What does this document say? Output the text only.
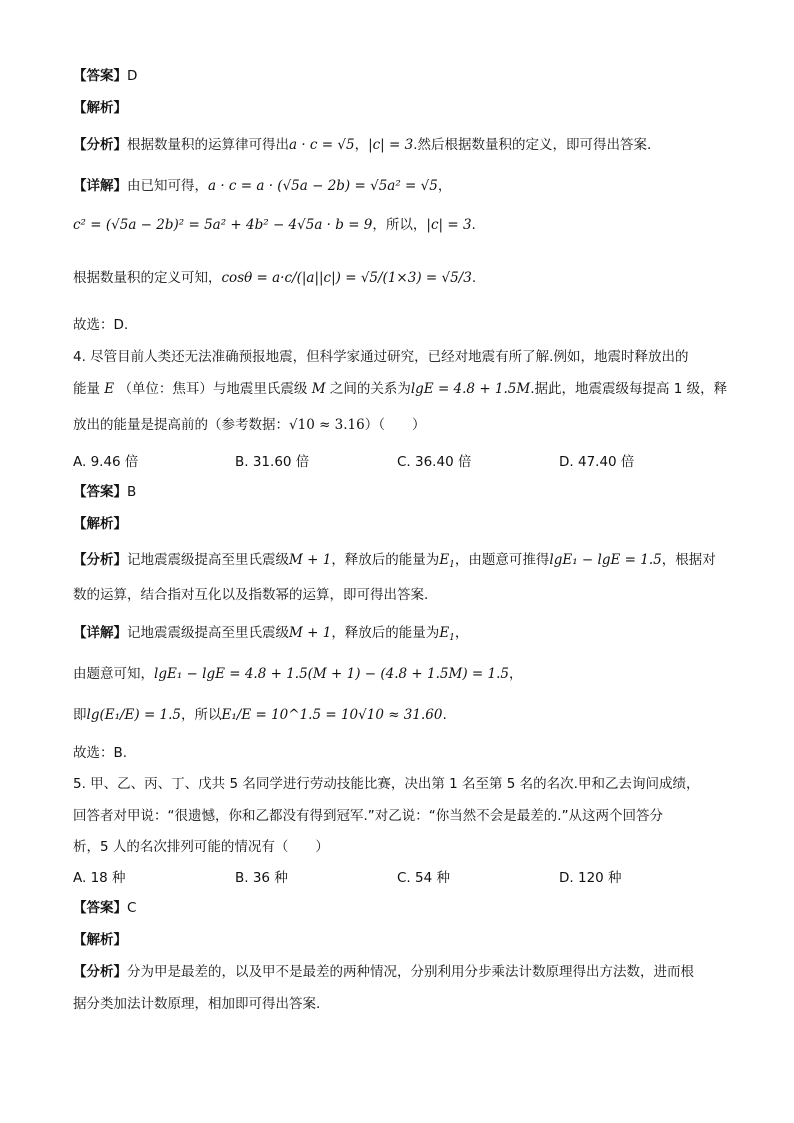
【答案】D
【解析】
【分析】根据数量积的运算律可得出a · c = √5，|c| = 3.然后根据数量积的定义，即可得出答案.
【详解】由已知可得，a · c = a · (√5a − 2b) = √5a² = √5，
c² = (√5a − 2b)² = 5a² + 4b² − 4√5a · b = 9，所以，|c| = 3.
根据数量积的定义可知，cosθ = a·c/(|a||c|) = √5/(1×3) = √5/3.
故选：D.
4. 尽管目前人类还无法准确预报地震，但科学家通过研究，已经对地震有所了解.例如，地震时释放出的
能量 E （单位：焦耳）与地震里氏震级 M 之间的关系为lgE = 4.8 + 1.5M.据此，地震震级每提高 1 级，释
放出的能量是提高前的（参考数据：√10 ≈ 3.16）（　　）
A. 9.46 倍	B. 31.60 倍	C. 36.40 倍	D. 47.40 倍
【答案】B
【解析】
【分析】记地震震级提高至里氏震级M + 1，释放后的能量为$E_1$，由题意可推得lgE₁ − lgE = 1.5，根据对
数的运算，结合指对互化以及指数幂的运算，即可得出答案.
【详解】记地震震级提高至里氏震级M + 1，释放后的能量为$E_1$，
由题意可知，lgE₁ − lgE = 4.8 + 1.5(M + 1) − (4.8 + 1.5M) = 1.5，
即lg(E₁/E) = 1.5，所以E₁/E = 10^1.5 = 10√10 ≈ 31.60.
故选：B.
5. 甲、乙、丙、丁、戊共 5 名同学进行劳动技能比赛，决出第 1 名至第 5 名的名次.甲和乙去询问成绩，
回答者对甲说：“很遗憾，你和乙都没有得到冠军.”对乙说：“你当然不会是最差的.”从这两个回答分
析，5 人的名次排列可能的情况有（　　）
A. 18 种	B. 36 种	C. 54 种	D. 120 种
【答案】C
【解析】
【分析】分为甲是最差的，以及甲不是最差的两种情况，分别利用分步乘法计数原理得出方法数，进而根
据分类加法计数原理，相加即可得出答案.
